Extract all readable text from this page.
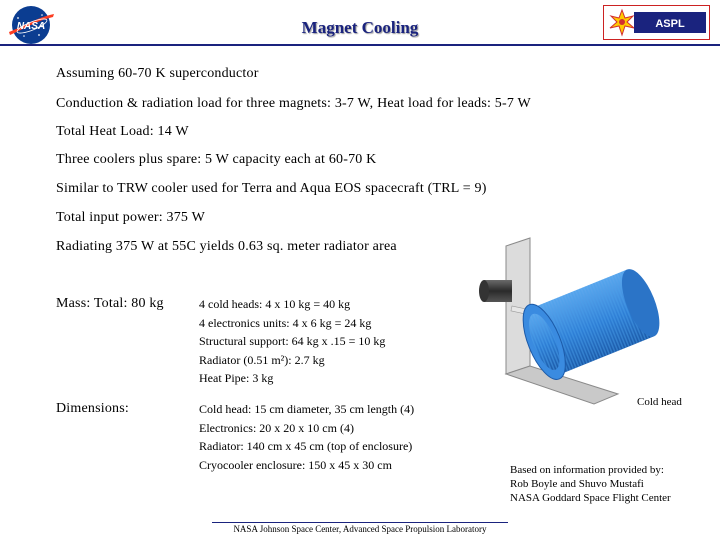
NASA	Magnet Cooling	ASPL
Assuming 60-70 K superconductor
Conduction & radiation load for three magnets: 3-7 W, Heat load for leads: 5-7 W
Total Heat Load: 14 W
Three coolers plus spare: 5 W capacity each at 60-70 K
Similar to TRW cooler used for Terra and Aqua EOS spacecraft (TRL = 9)
Total input power: 375 W
Radiating 375 W at 55C yields 0.63 sq. meter radiator area
Mass: Total: 80 kg	4 cold heads: 4 x 10 kg = 40 kg
4 electronics units: 4 x 6 kg = 24 kg
Structural support: 64 kg x .15 = 10 kg
Radiator (0.51 m²): 2.7 kg
Heat Pipe: 3 kg
Dimensions:	Cold head: 15 cm diameter, 35 cm length (4)
Electronics: 20 x 20 x 10 cm (4)
Radiator: 140 cm x 45 cm (top of enclosure)
Cryocooler enclosure: 150 x 45 x 30 cm
Cold head
Based on information provided by:
Rob Boyle and Shuvo Mustafi
NASA Goddard Space Flight Center
NASA Johnson Space Center, Advanced Space Propulsion Laboratory
